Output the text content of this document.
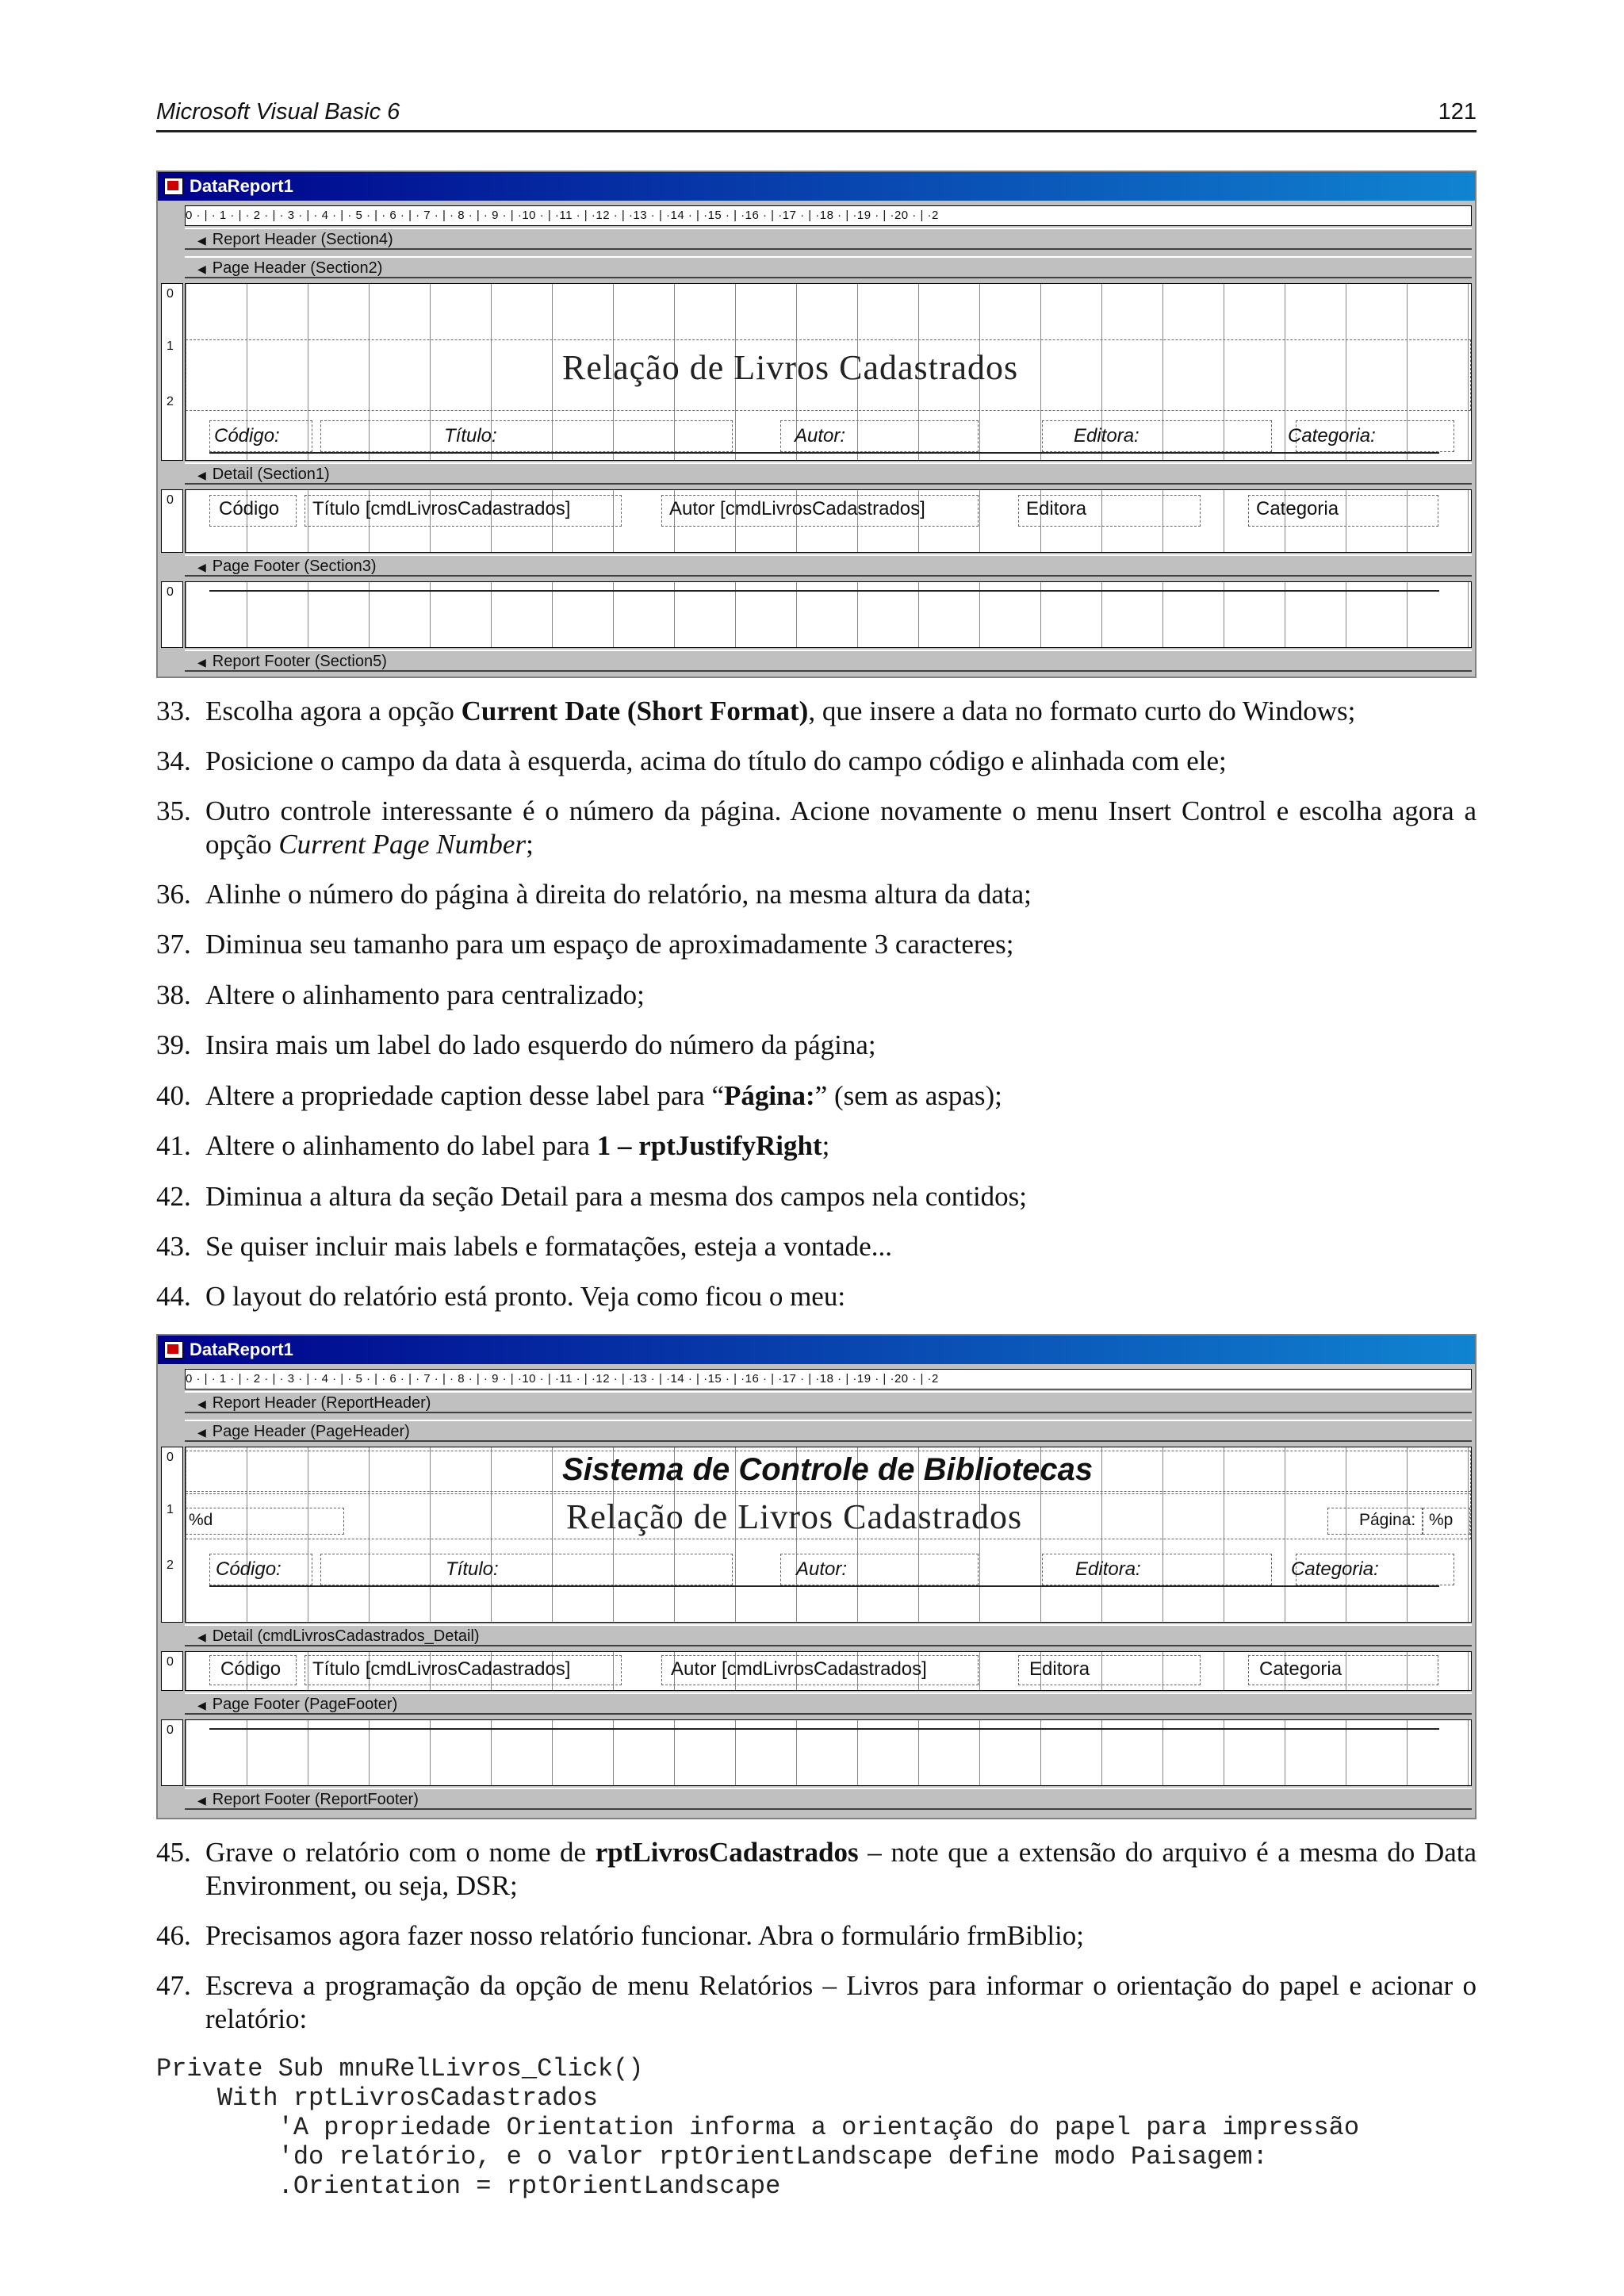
Microsoft Visual Basic 6	121
DataReport1
0 · | · 1 · | · 2 · | · 3 · | · 4 · | · 5 · | · 6 · | · 7 · | · 8 · | · 9 · | ·10 · | ·11 · | ·12 · | ·13 · | ·14 · | ·15 · | ·16 · | ·17 · | ·18 · | ·19 · | ·20 · | ·2
◀ Report Header (Section4)
◀ Page Header (Section2)
0
1
2
Relação de Livros Cadastrados
Código:	Título:	Autor:	Editora:	Categoria:
◀ Detail (Section1)
0 Código Título [cmdLivrosCadastrados]	Autor [cmdLivrosCadastrados]	Editora	Categoria
◀ Page Footer (Section3)
0
◀ Report Footer (Section5)
33. Escolha agora a opção Current Date (Short Format), que insere a data no formato curto do Windows;
34. Posicione o campo da data à esquerda, acima do título do campo código e alinhada com ele;
35. Outro controle interessante é o número da página. Acione novamente o menu Insert Control e escolha agora a opção Current Page Number;
36. Alinhe o número do página à direita do relatório, na mesma altura da data;
37. Diminua seu tamanho para um espaço de aproximadamente 3 caracteres;
38. Altere o alinhamento para centralizado;
39. Insira mais um label do lado esquerdo do número da página;
40. Altere a propriedade caption desse label para “Página:” (sem as aspas);
41. Altere o alinhamento do label para 1 – rptJustifyRight;
42. Diminua a altura da seção Detail para a mesma dos campos nela contidos;
43. Se quiser incluir mais labels e formatações, esteja a vontade...
44. O layout do relatório está pronto. Veja como ficou o meu:
DataReport1
0 · | · 1 · | · 2 · | · 3 · | · 4 · | · 5 · | · 6 · | · 7 · | · 8 · | · 9 · | ·10 · | ·11 · | ·12 · | ·13 · | ·14 · | ·15 · | ·16 · | ·17 · | ·18 · | ·19 · | ·20 · | ·2
◀ Report Header (ReportHeader)
◀ Page Header (PageHeader)
0
1
2
Sistema de Controle de Bibliotecas
Relação de Livros Cadastrados
%d	Página: %p
Código:	Título:	Autor:	Editora:	Categoria:
◀ Detail (cmdLivrosCadastrados_Detail)
0 Código Título [cmdLivrosCadastrados]	Autor [cmdLivrosCadastrados]	Editora	Categoria
◀ Page Footer (PageFooter)
0
◀ Report Footer (ReportFooter)
45. Grave o relatório com o nome de rptLivrosCadastrados – note que a extensão do arquivo é a mesma do Data Environment, ou seja, DSR;
46. Precisamos agora fazer nosso relatório funcionar. Abra o formulário frmBiblio;
47. Escreva a programação da opção de menu Relatórios – Livros para informar o orientação do papel e acionar o relatório:
Private Sub mnuRelLivros_Click()
With rptLivrosCadastrados
'A propriedade Orientation informa a orientação do papel para impressão
'do relatório, e o valor rptOrientLandscape define modo Paisagem:
.Orientation = rptOrientLandscape
